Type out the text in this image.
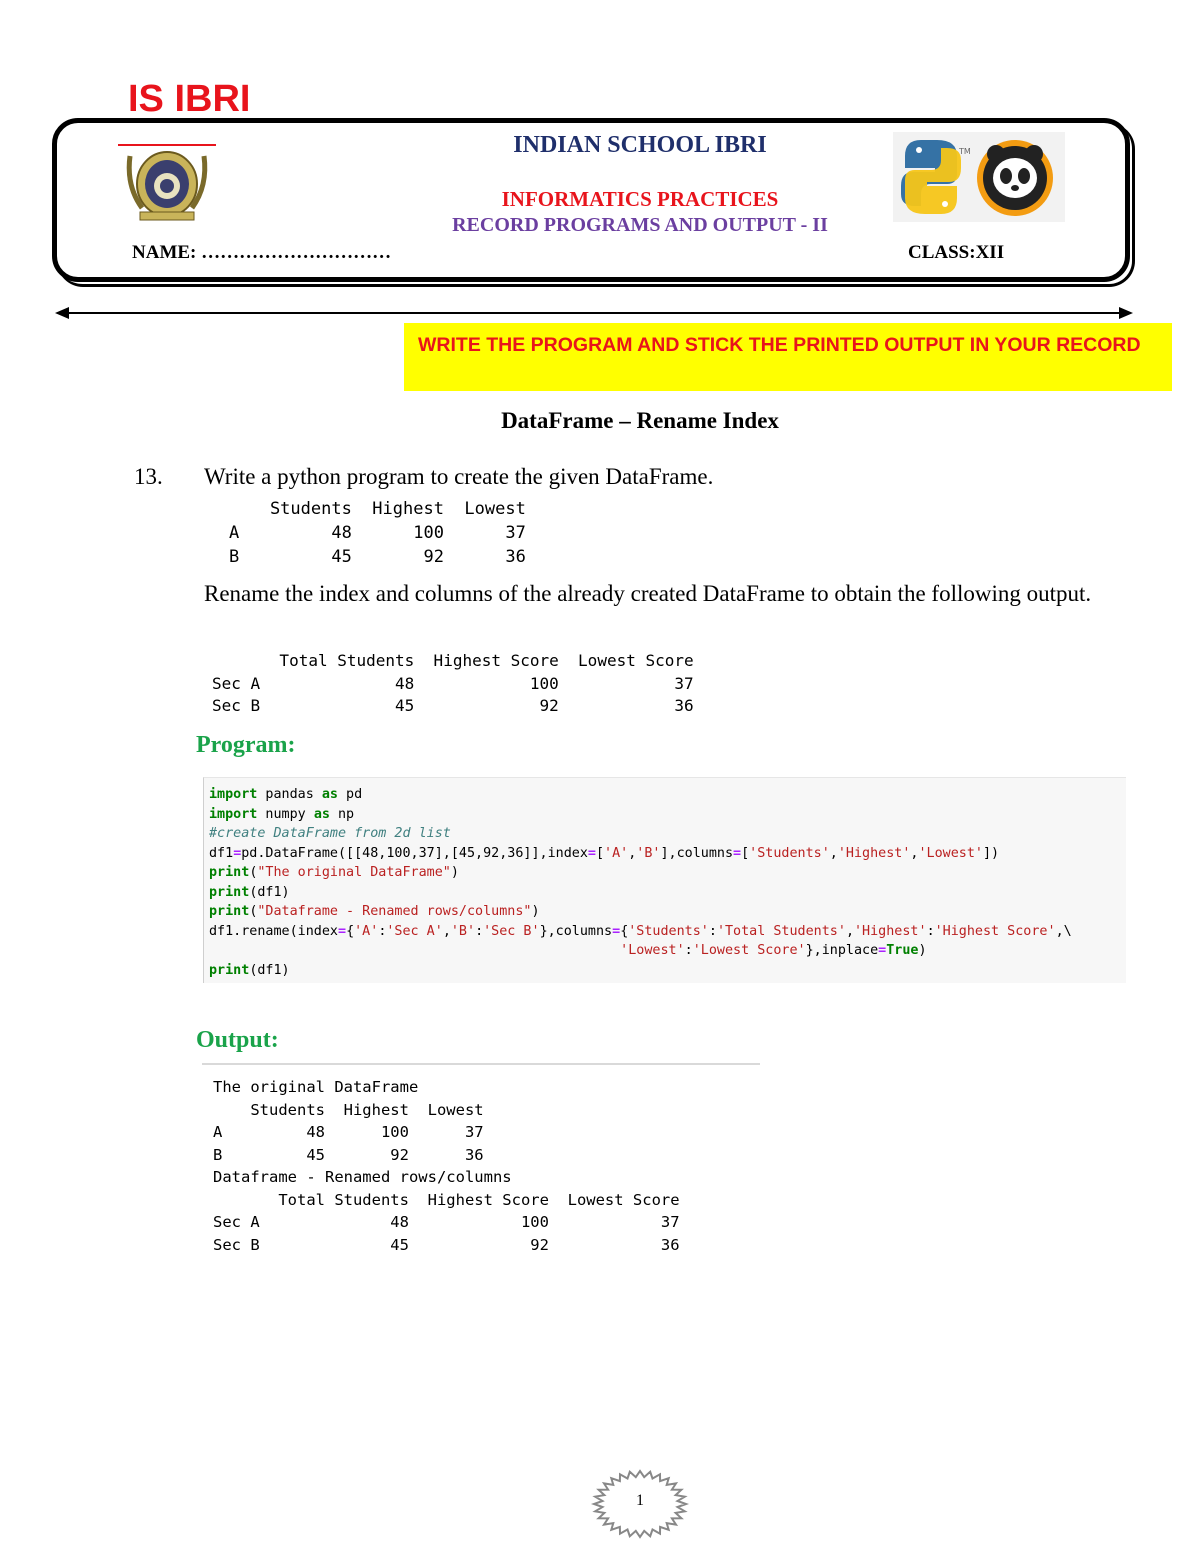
IS IBRI
INDIAN SCHOOL IBRI
INFORMATICS PRACTICES
RECORD PROGRAMS AND OUTPUT - II
NAME: …………………………	CLASS:XII
TM
WRITE THE PROGRAM AND STICK THE PRINTED OUTPUT IN YOUR RECORD
DataFrame – Rename Index
13. Write a python program to create the given DataFrame.
Students  Highest  Lowest
A         48      100      37
B         45       92      36
Rename the index and columns of the already created DataFrame to obtain the following output.
Total Students  Highest Score  Lowest Score
Sec A              48            100            37
Sec B              45             92            36
Program:
import pandas as pd
import numpy as np
#create DataFrame from 2d list
df1=pd.DataFrame([[48,100,37],[45,92,36]],index=['A','B'],columns=['Students','Highest','Lowest'])
print("The original DataFrame")
print(df1)
print("Dataframe - Renamed rows/columns")
df1.rename(index={'A':'Sec A','B':'Sec B'},columns={'Students':'Total Students','Highest':'Highest Score',\
'Lowest':'Lowest Score'},inplace=True)
print(df1)
Output:
The original DataFrame
Students  Highest  Lowest
A         48      100      37
B         45       92      36
Dataframe - Renamed rows/columns
Total Students  Highest Score  Lowest Score
Sec A              48            100            37
Sec B              45             92            36
1
